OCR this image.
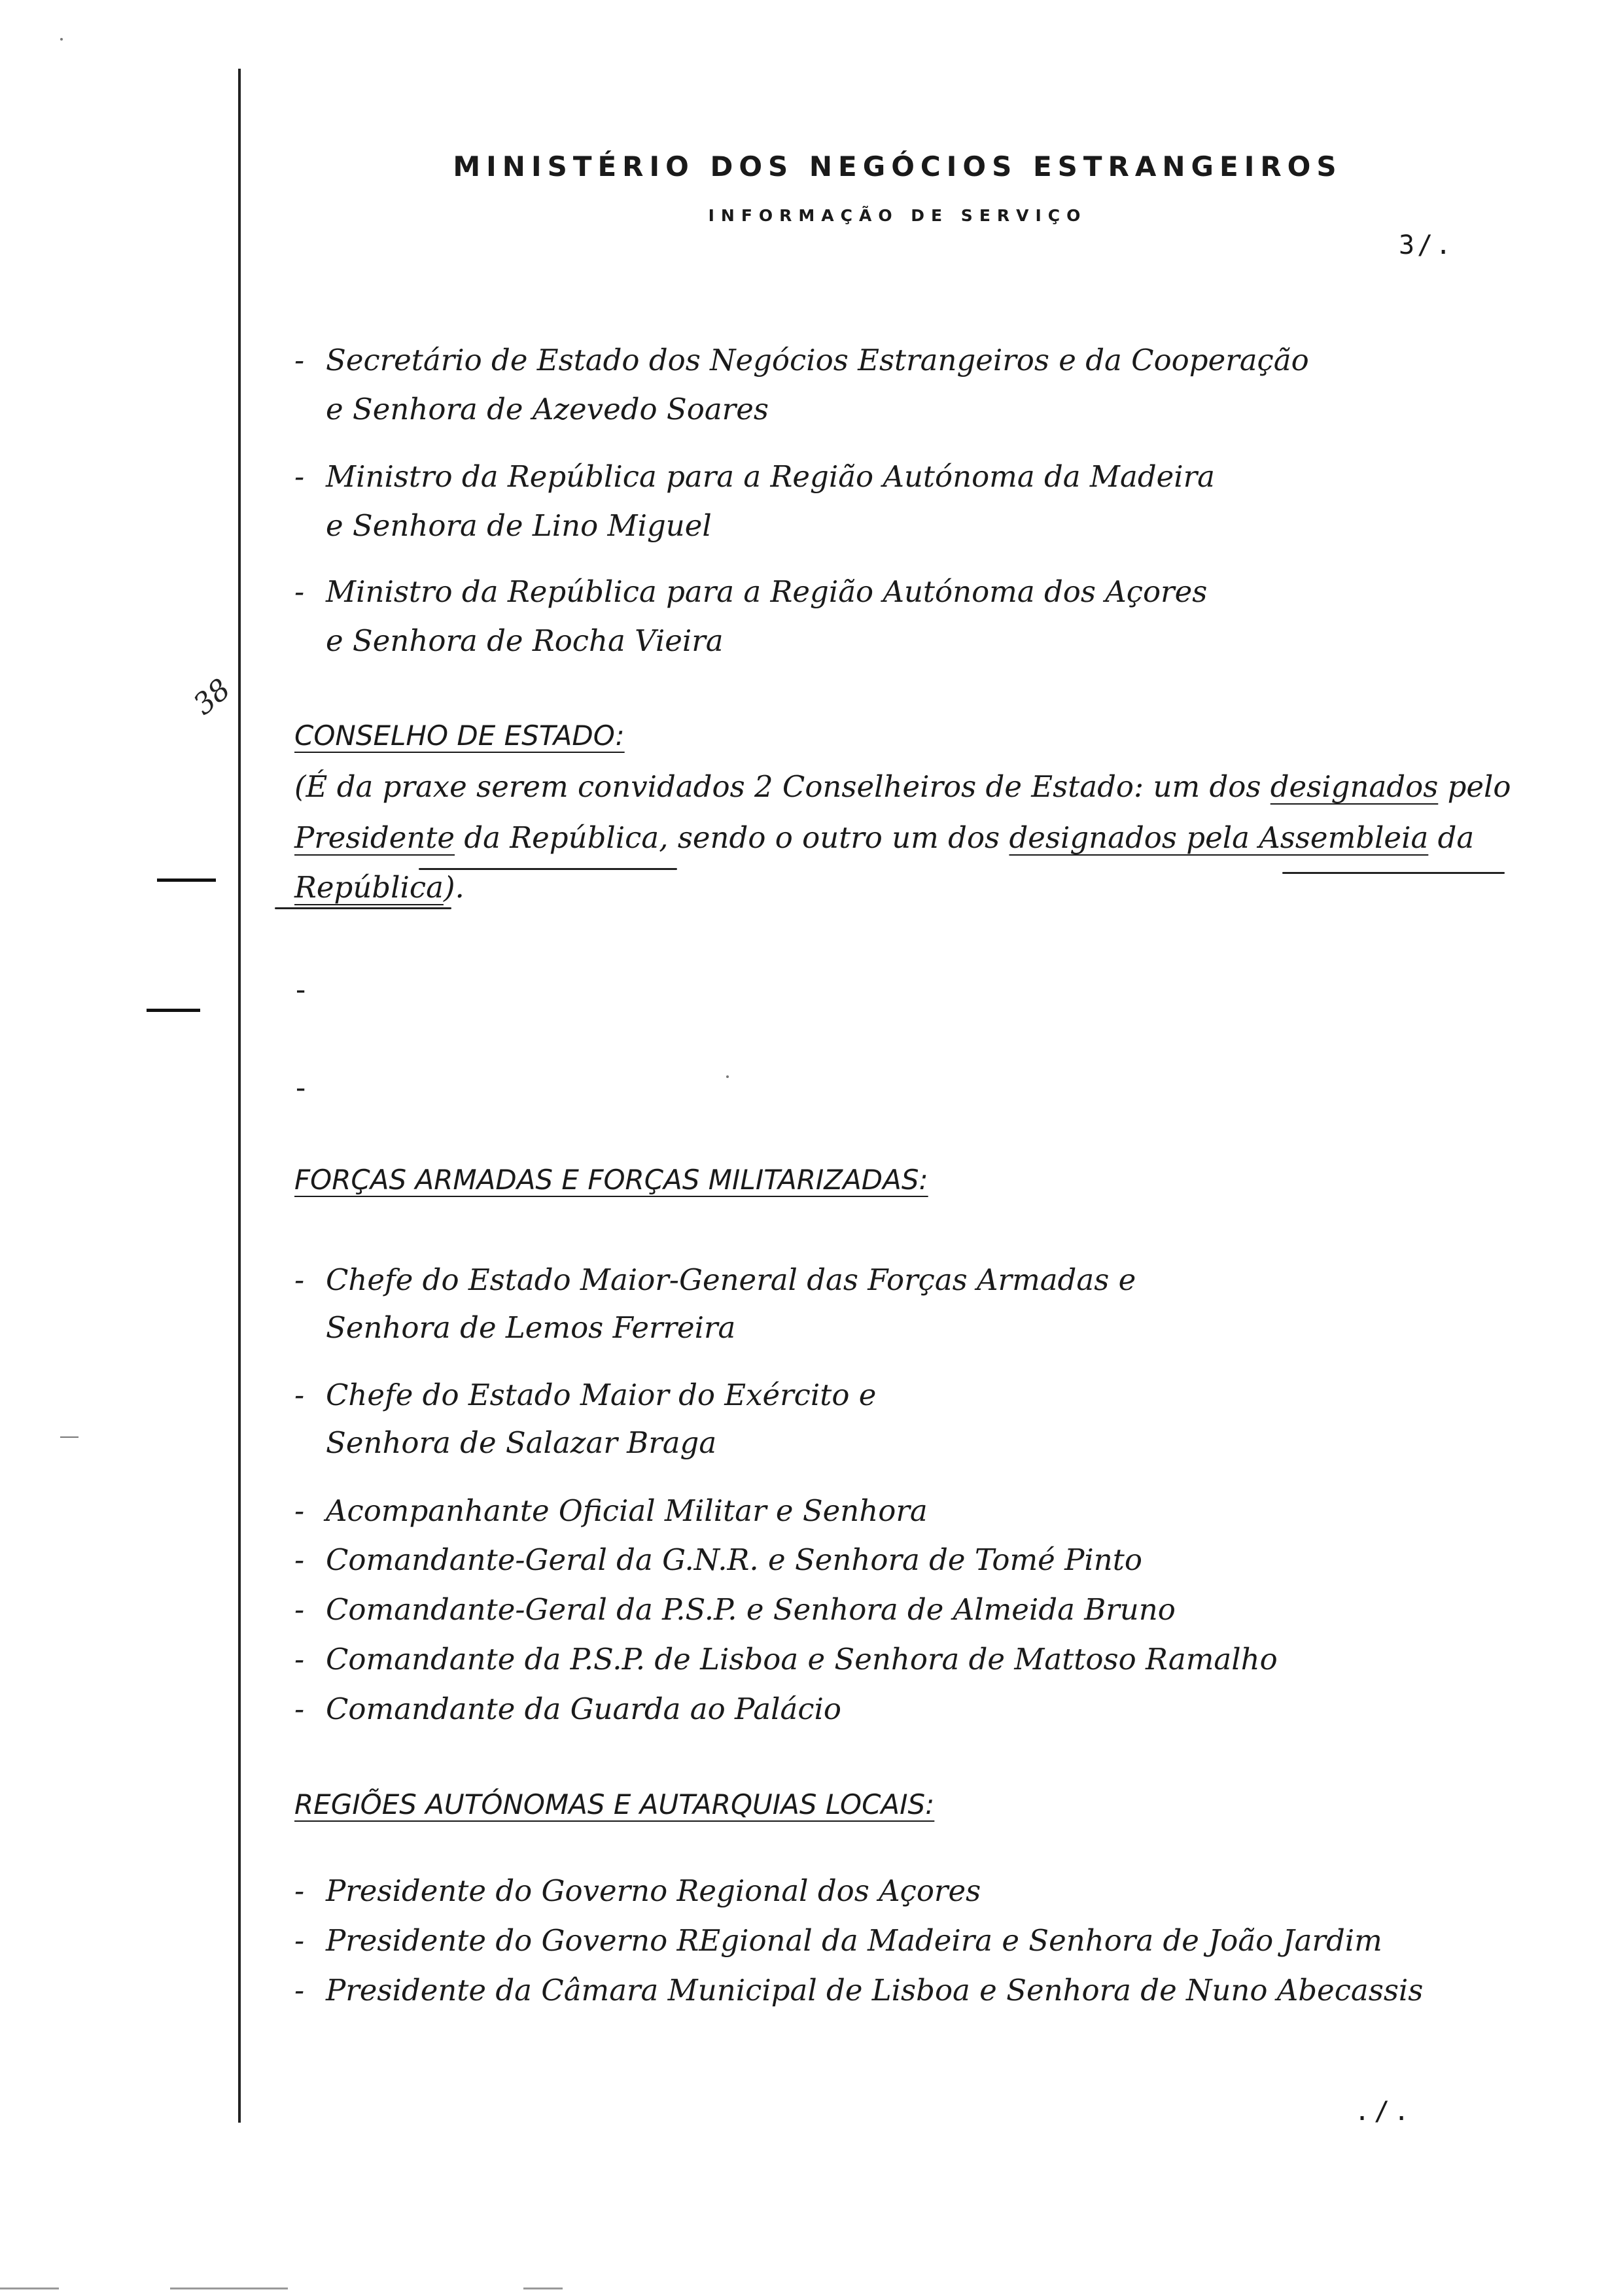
38
MINISTÉRIO DOS NEGÓCIOS ESTRANGEIROS
INFORMAÇÃO DE SERVIÇO
3/.
- Secretário de Estado dos Negócios Estrangeiros e da Cooperação
e Senhora de Azevedo Soares
- Ministro da República para a Região Autónoma da Madeira
e Senhora de Lino Miguel
- Ministro da República para a Região Autónoma dos Açores
e Senhora de Rocha Vieira
CONSELHO DE ESTADO:
(É da praxe serem convidados 2 Conselheiros de Estado: um dos designados pelo
Presidente da República, sendo o outro um dos designados pela Assembleia da
República).
-
-
FORÇAS ARMADAS E FORÇAS MILITARIZADAS:
- Chefe do Estado Maior-General das Forças Armadas e
Senhora de Lemos Ferreira
- Chefe do Estado Maior do Exército e
Senhora de Salazar Braga
- Acompanhante Oficial Militar e Senhora
- Comandante-Geral da G.N.R. e Senhora de Tomé Pinto
- Comandante-Geral da P.S.P. e Senhora de Almeida Bruno
- Comandante da P.S.P. de Lisboa e Senhora de Mattoso Ramalho
- Comandante da Guarda ao Palácio
REGIÕES AUTÓNOMAS E AUTARQUIAS LOCAIS:
- Presidente do Governo Regional dos Açores
- Presidente do Governo REgional da Madeira e Senhora de João Jardim
- Presidente da Câmara Municipal de Lisboa e Senhora de Nuno Abecassis
./.
